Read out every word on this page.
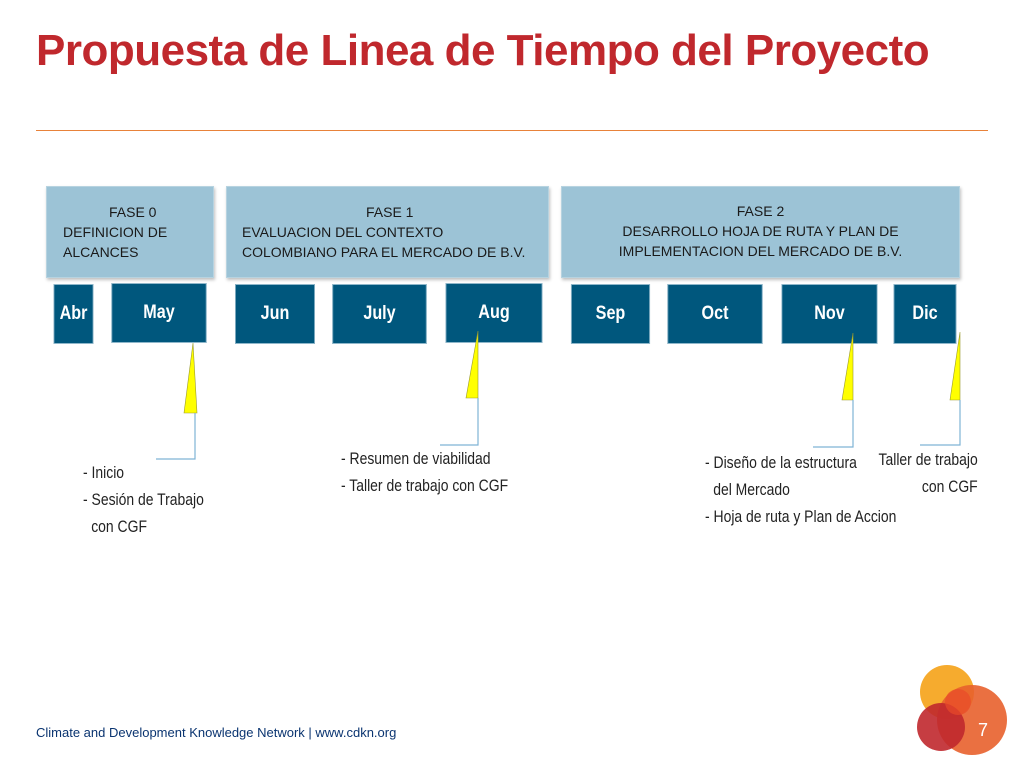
Propuesta de Linea de Tiempo del Proyecto
FASE 0
DEFINICION DE
ALCANCES
FASE 1
EVALUACION DEL CONTEXTO
COLOMBIANO PARA EL MERCADO DE B.V.
FASE 2
DESARROLLO HOJA DE RUTA Y PLAN DE
IMPLEMENTACION DEL MERCADO DE B.V.
Abr	May	Jun	July	Aug	Sep	Oct	Nov	Dic
- Inicio
- Sesión de Trabajo
con CGF
- Resumen de viabilidad
- Taller de trabajo con CGF
- Diseño de la estructura
del Mercado
- Hoja de ruta y Plan de Accion
Taller de trabajo
con CGF
Climate and Development Knowledge Network | www.cdkn.org	7
